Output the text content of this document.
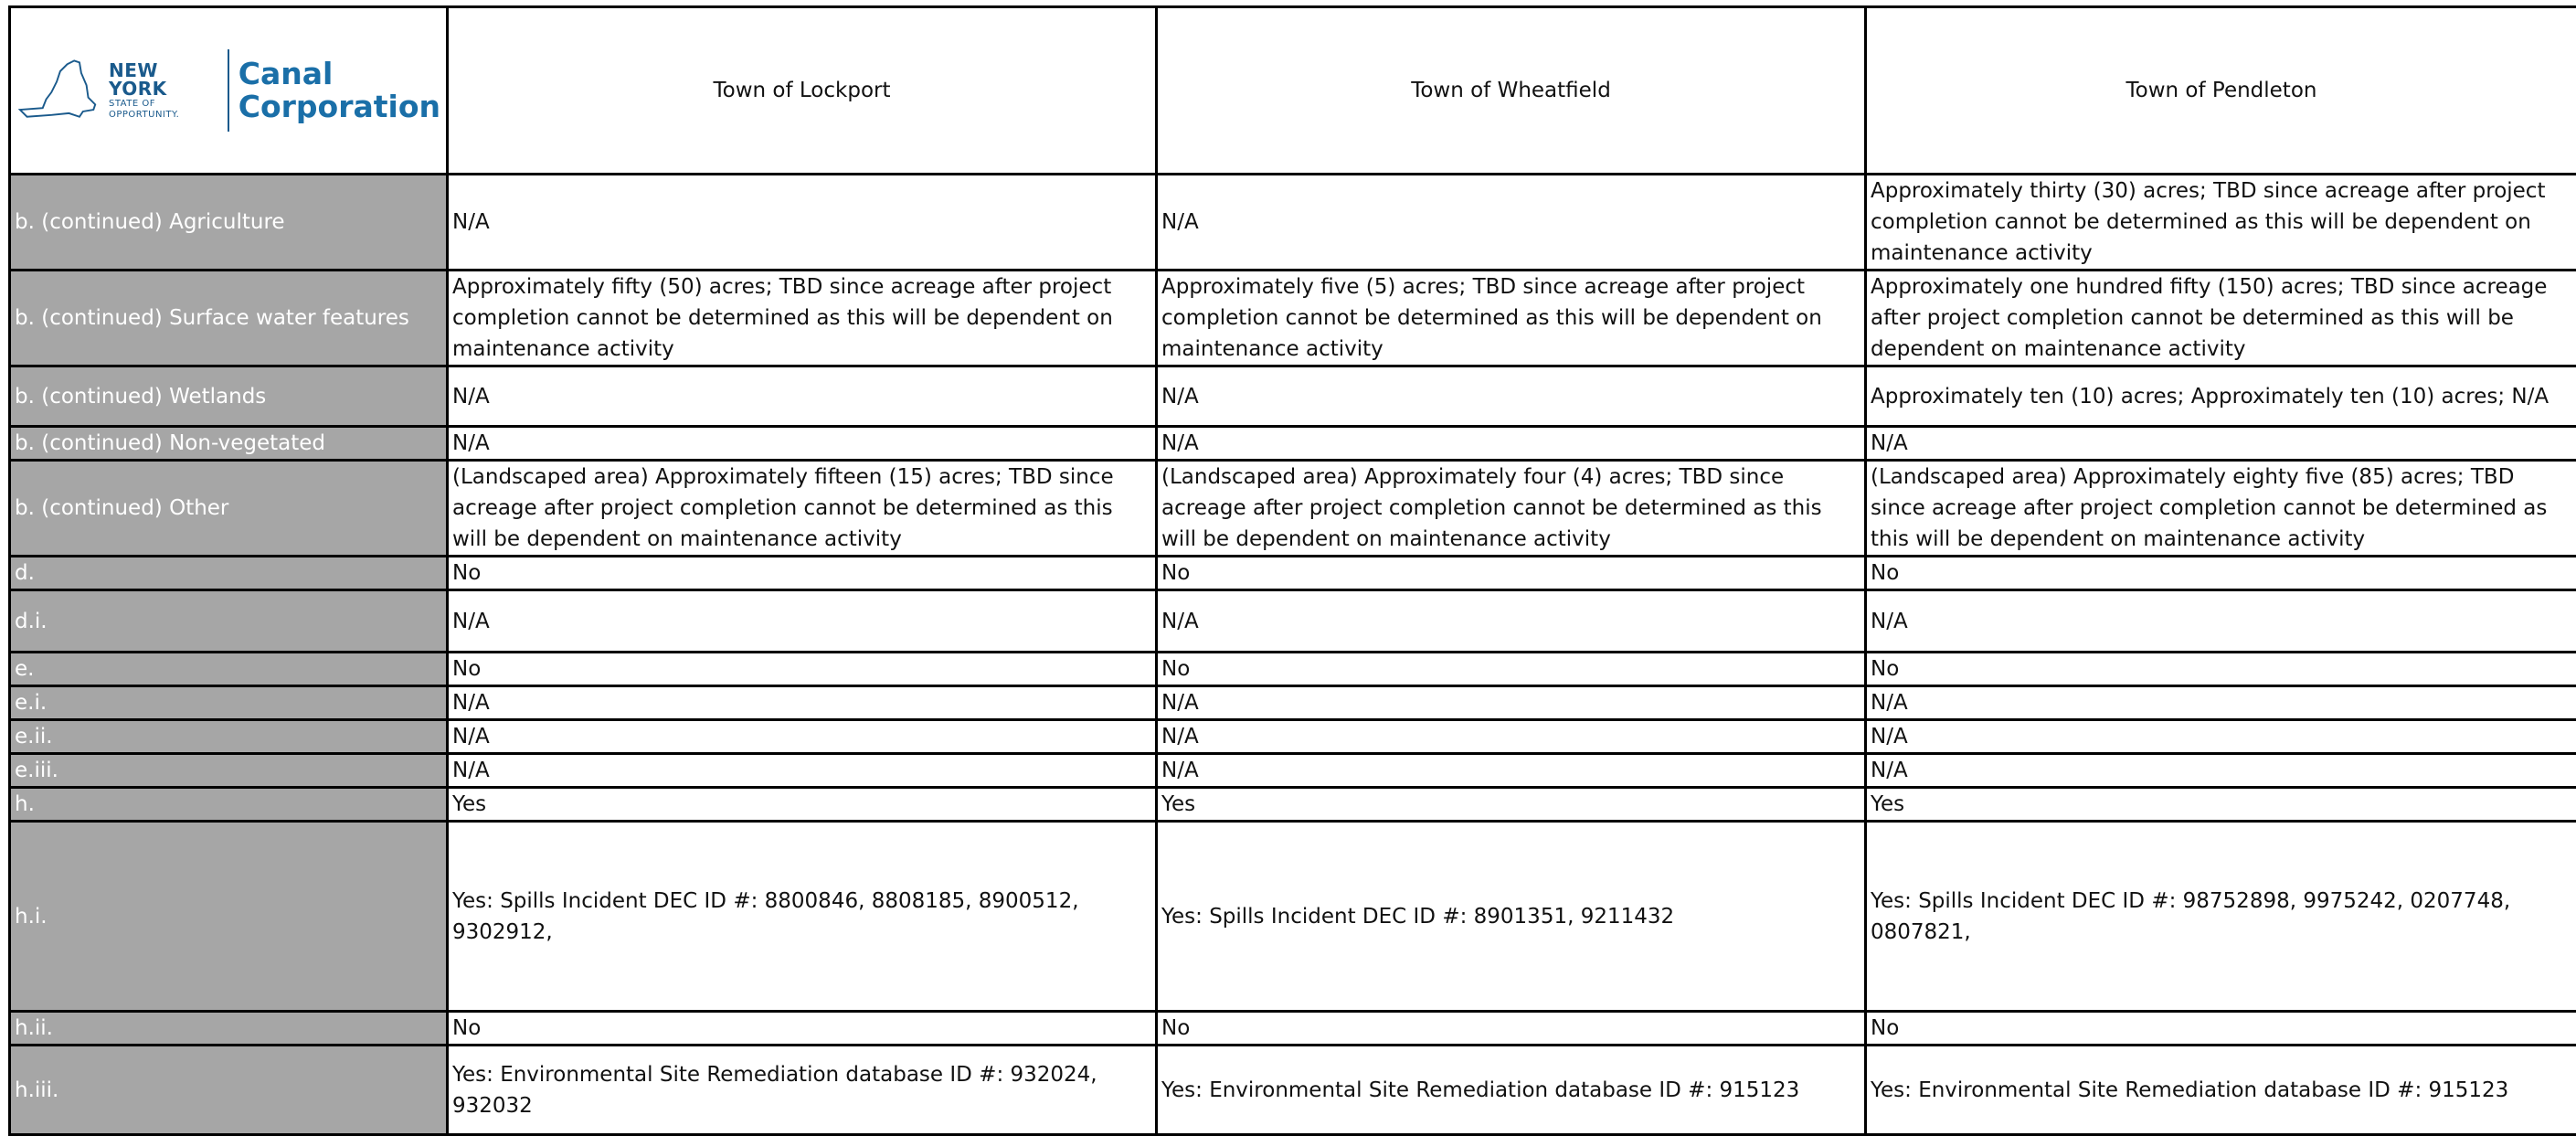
NEW YORK
STATE OF
OPPORTUNITY.
Canal
Corporation	Town of Lockport	Town of Wheatfield	Town of Pendleton
b. (continued) Agriculture	N/A	N/A	Approximately thirty (30) acres; TBD since acreage after project completion cannot be determined as this will be dependent on maintenance activity
b. (continued) Surface water features	Approximately fifty (50) acres; TBD since acreage after project completion cannot be determined as this will be dependent on maintenance activity	Approximately five (5) acres; TBD since acreage after project completion cannot be determined as this will be dependent on maintenance activity	Approximately one hundred fifty (150) acres; TBD since acreage after project completion cannot be determined as this will be dependent on maintenance activity
b. (continued) Wetlands	N/A	N/A	Approximately ten (10) acres; Approximately ten (10) acres; N/A
b. (continued) Non-vegetated	N/A	N/A	N/A
b. (continued) Other	(Landscaped area) Approximately fifteen (15) acres; TBD since acreage after project completion cannot be determined as this will be dependent on maintenance activity	(Landscaped area) Approximately four (4) acres; TBD since acreage after project completion cannot be determined as this will be dependent on maintenance activity	(Landscaped area) Approximately eighty five (85) acres; TBD since acreage after project completion cannot be determined as this will be dependent on maintenance activity
d.	No	No	No
d.i.	N/A	N/A	N/A
e.	No	No	No
e.i.	N/A	N/A	N/A
e.ii.	N/A	N/A	N/A
e.iii.	N/A	N/A	N/A
h.	Yes	Yes	Yes
h.i.	Yes: Spills Incident DEC ID #: 8800846, 8808185, 8900512, 9302912,	Yes: Spills Incident DEC ID #: 8901351, 9211432	Yes: Spills Incident DEC ID #: 98752898, 9975242, 0207748, 0807821,
h.ii.	No	No	No
h.iii.	Yes: Environmental Site Remediation database ID #: 932024, 932032	Yes: Environmental Site Remediation database ID #: 915123	Yes: Environmental Site Remediation database ID #: 915123
